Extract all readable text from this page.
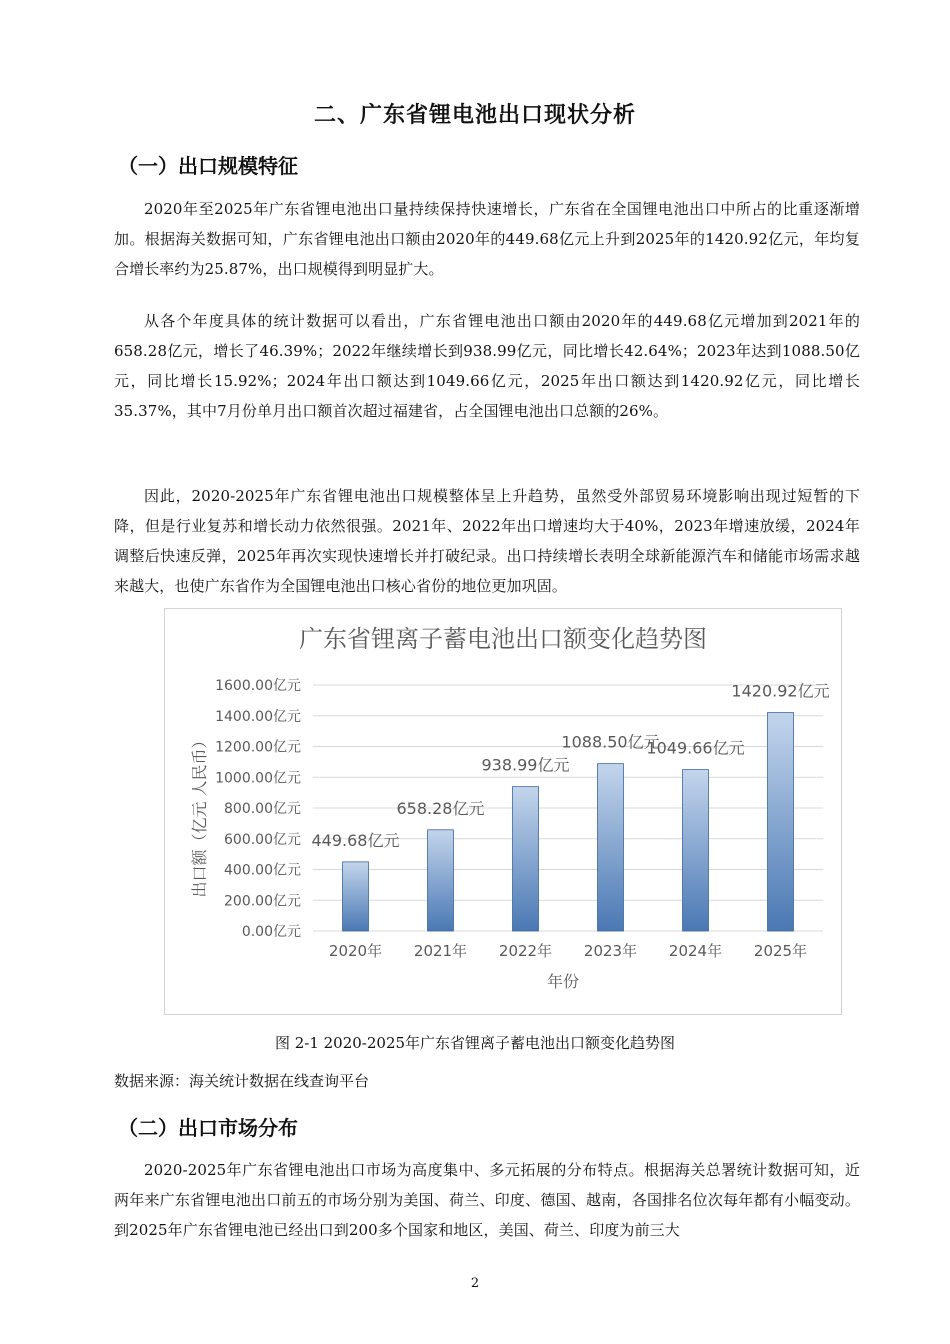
二、广东省锂电池出口现状分析
（一）出口规模特征

2020年至2025年广东省锂电池出口量持续保持快速增长，广东省在全国锂电池出口中所占的比重逐渐增加。根据海关数据可知，广东省锂电池出口额由2020年的449.68亿元上升到2025年的1420.92亿元，年均复合增长率约为25.87%，出口规模得到明显扩大。

从各个年度具体的统计数据可以看出，广东省锂电池出口额由2020年的449.68亿元增加到2021年的658.28亿元，增长了46.39%；2022年继续增长到938.99亿元，同比增长42.64%；2023年达到1088.50亿元，同比增长15.92%；2024年出口额达到1049.66亿元，2025年出口额达到1420.92亿元，同比增长35.37%，其中7月份单月出口额首次超过福建省，占全国锂电池出口总额的26%。

因此，2020-2025年广东省锂电池出口规模整体呈上升趋势，虽然受外部贸易环境影响出现过短暂的下降，但是行业复苏和增长动力依然很强。2021年、2022年出口增速均大于40%，2023年增速放缓，2024年调整后快速反弹，2025年再次实现快速增长并打破纪录。出口持续增长表明全球新能源汽车和储能市场需求越来越大，也使广东省作为全国锂电池出口核心省份的地位更加巩固。

广东省锂离子蓄电池出口额变化趋势图
0.00亿元
200.00亿元
400.00亿元
600.00亿元
800.00亿元
1000.00亿元
1200.00亿元
1400.00亿元
1600.00亿元
2020年
449.68亿元
2021年
658.28亿元
2022年
938.99亿元
2023年
1088.50亿元
2024年
1049.66亿元
2025年
1420.92亿元
年份
出口额（亿元 人民币）
图 2-1 2020-2025年广东省锂离子蓄电池出口额变化趋势图
数据来源：海关统计数据在线查询平台
（二）出口市场分布

2020-2025年广东省锂电池出口市场为高度集中、多元拓展的分布特点。根据海关总署统计数据可知，近两年来广东省锂电池出口前五的市场分别为美国、荷兰、印度、德国、越南，各国排名位次每年都有小幅变动。到2025年广东省锂电池已经出口到200多个国家和地区，美国、荷兰、印度为前三大

2
